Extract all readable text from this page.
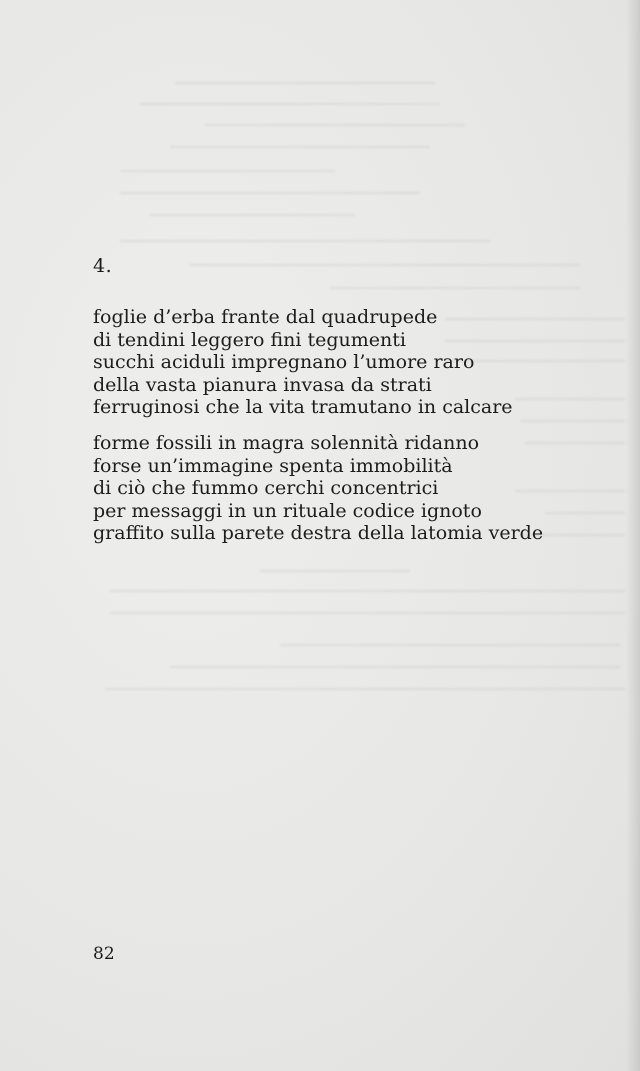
4.
foglie d’erba frante dal quadrupede
di tendini leggero fini tegumenti
succhi aciduli impregnano l’umore raro
della vasta pianura invasa da strati
ferruginosi che la vita tramutano in calcare
forme fossili in magra solennità ridanno
forse un’immagine spenta immobilità
di ciò che fummo cerchi concentrici
per messaggi in un rituale codice ignoto
graffito sulla parete destra della latomia verde
82
